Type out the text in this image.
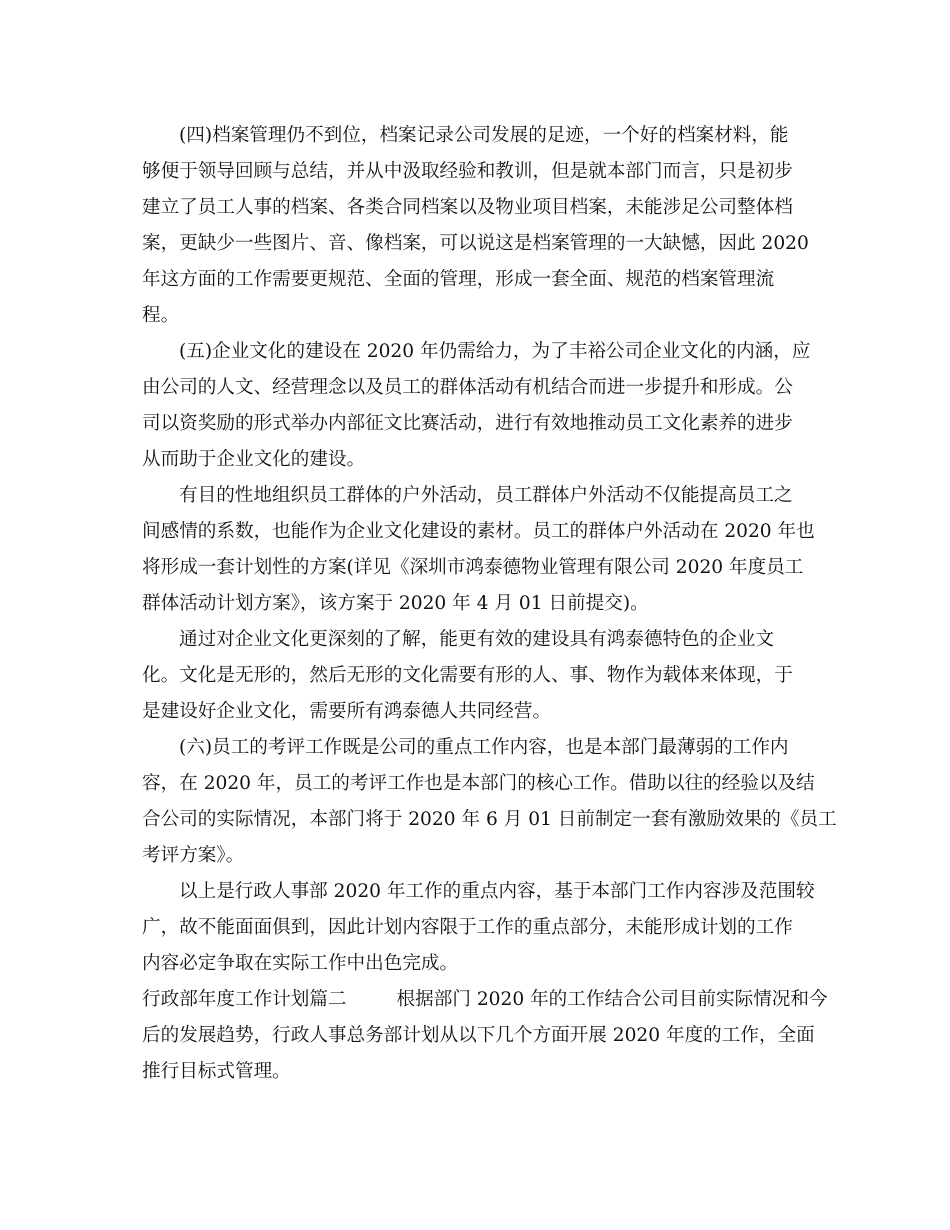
(四)档案管理仍不到位，档案记录公司发展的足迹，一个好的档案材料，能
够便于领导回顾与总结，并从中汲取经验和教训，但是就本部门而言，只是初步
建立了员工人事的档案、各类合同档案以及物业项目档案，未能涉足公司整体档
案，更缺少一些图片、音、像档案，可以说这是档案管理的一大缺憾，因此 2020
年这方面的工作需要更规范、全面的管理，形成一套全面、规范的档案管理流
程。
(五)企业文化的建设在 2020 年仍需给力，为了丰裕公司企业文化的内涵，应
由公司的人文、经营理念以及员工的群体活动有机结合而进一步提升和形成。公
司以资奖励的形式举办内部征文比赛活动，进行有效地推动员工文化素养的进步
从而助于企业文化的建设。
有目的性地组织员工群体的户外活动，员工群体户外活动不仅能提高员工之
间感情的系数，也能作为企业文化建设的素材。员工的群体户外活动在 2020 年也
将形成一套计划性的方案(详见《深圳市鸿泰德物业管理有限公司 2020 年度员工
群体活动计划方案》，该方案于 2020 年 4 月 01 日前提交)。
通过对企业文化更深刻的了解，能更有效的建设具有鸿泰德特色的企业文
化。文化是无形的，然后无形的文化需要有形的人、事、物作为载体来体现，于
是建设好企业文化，需要所有鸿泰德人共同经营。
(六)员工的考评工作既是公司的重点工作内容，也是本部门最薄弱的工作内
容，在 2020 年，员工的考评工作也是本部门的核心工作。借助以往的经验以及结
合公司的实际情况，本部门将于 2020 年 6 月 01 日前制定一套有激励效果的《员工
考评方案》。
以上是行政人事部 2020 年工作的重点内容，基于本部门工作内容涉及范围较
广，故不能面面俱到，因此计划内容限于工作的重点部分，未能形成计划的工作
内容必定争取在实际工作中出色完成。
行政部年度工作计划篇二	根据部门 2020 年的工作结合公司目前实际情况和今
后的发展趋势，行政人事总务部计划从以下几个方面开展 2020 年度的工作，全面
推行目标式管理。
